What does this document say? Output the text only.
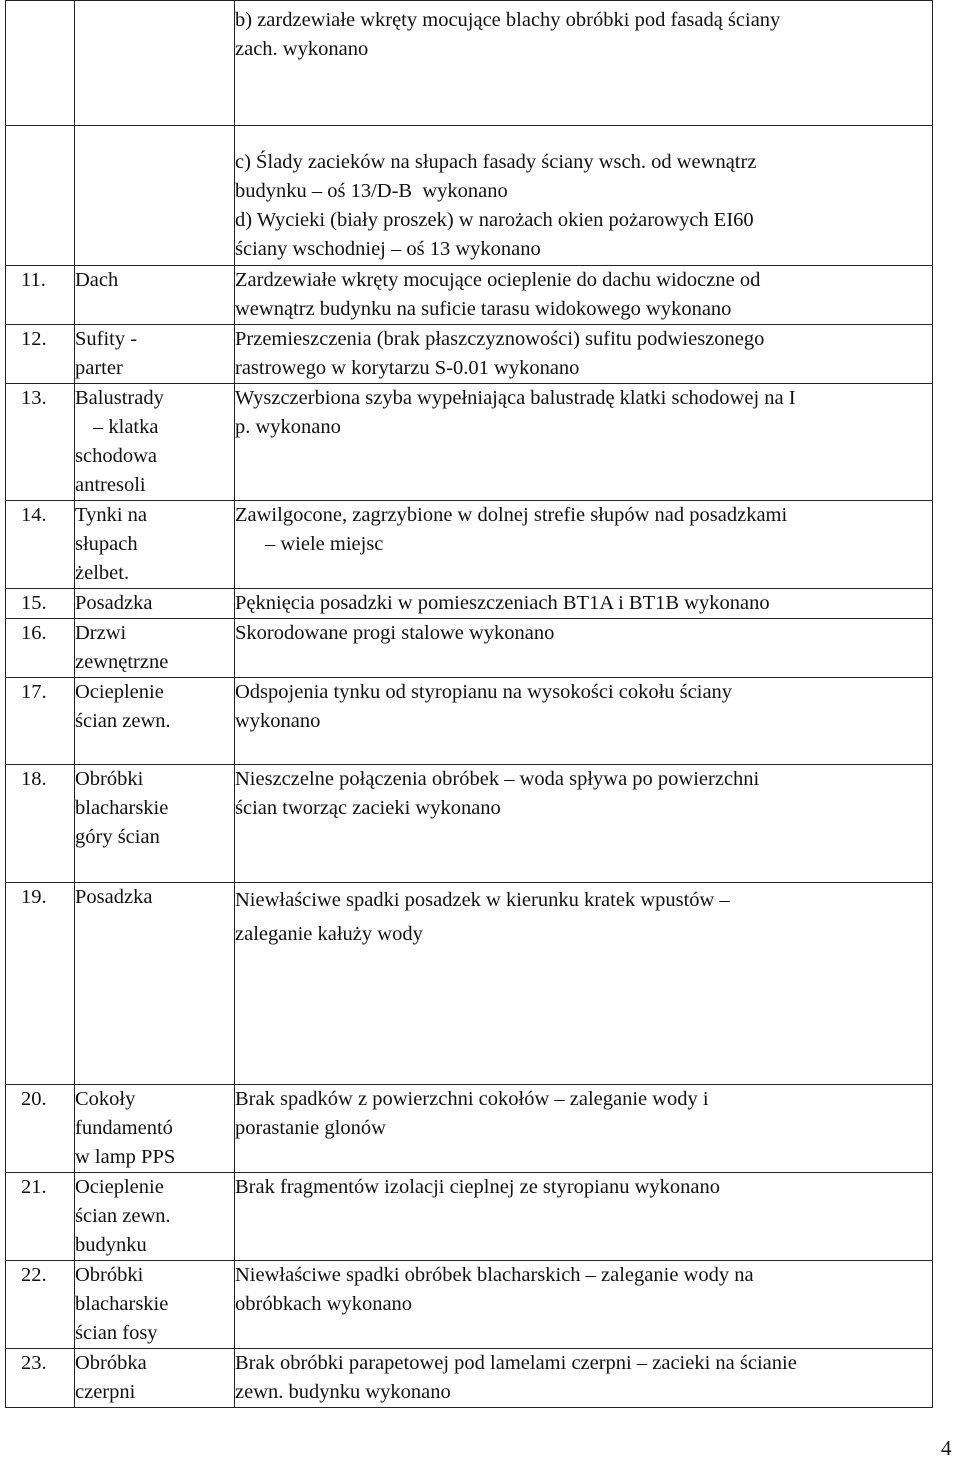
		b) zardzewiałe wkręty mocujące blachy obróbki pod fasadą ściany
zach. wykonano

		c) Ślady zacieków na słupach fasady ściany wsch. od wewnątrz
budynku – oś 13/D-B  wykonano
d) Wycieki (biały proszek) w narożach okien pożarowych EI60
ściany wschodniej – oś 13 wykonano

11.	Dach	Zardzewiałe wkręty mocujące ocieplenie do dachu widoczne od
wewnątrz budynku na suficie tarasu widokowego wykonano

12.	Sufity -
parter	Przemieszczenia (brak płaszczyznowości) sufitu podwieszonego
rastrowego w korytarzu S-0.01 wykonano

13.	Balustrady
– klatka
schodowa
antresoli	Wyszczerbiona szyba wypełniająca balustradę klatki schodowej na I
p. wykonano

14.	Tynki na
słupach
żelbet.	Zawilgocone, zagrzybione w dolnej strefie słupów nad posadzkami
– wiele miejsc

15.	Posadzka	Pęknięcia posadzki w pomieszczeniach BT1A i BT1B wykonano

16.	Drzwi
zewnętrzne	Skorodowane progi stalowe wykonano

17.	Ocieplenie
ścian zewn.	Odspojenia tynku od styropianu na wysokości cokołu ściany
wykonano

18.	Obróbki
blacharskie
góry ścian	Nieszczelne połączenia obróbek – woda spływa po powierzchni
ścian tworząc zacieki wykonano

19.	Posadzka	Niewłaściwe spadki posadzek w kierunku kratek wpustów –
zaleganie kałuży wody

20.	Cokoły
fundamentó
w lamp PPS	Brak spadków z powierzchni cokołów – zaleganie wody i
porastanie glonów

21.	Ocieplenie
ścian zewn.
budynku	Brak fragmentów izolacji cieplnej ze styropianu wykonano

22.	Obróbki
blacharskie
ścian fosy	Niewłaściwe spadki obróbek blacharskich – zaleganie wody na
obróbkach wykonano

23.	Obróbka
czerpni	Brak obróbki parapetowej pod lamelami czerpni – zacieki na ścianie
zewn. budynku wykonano
4
